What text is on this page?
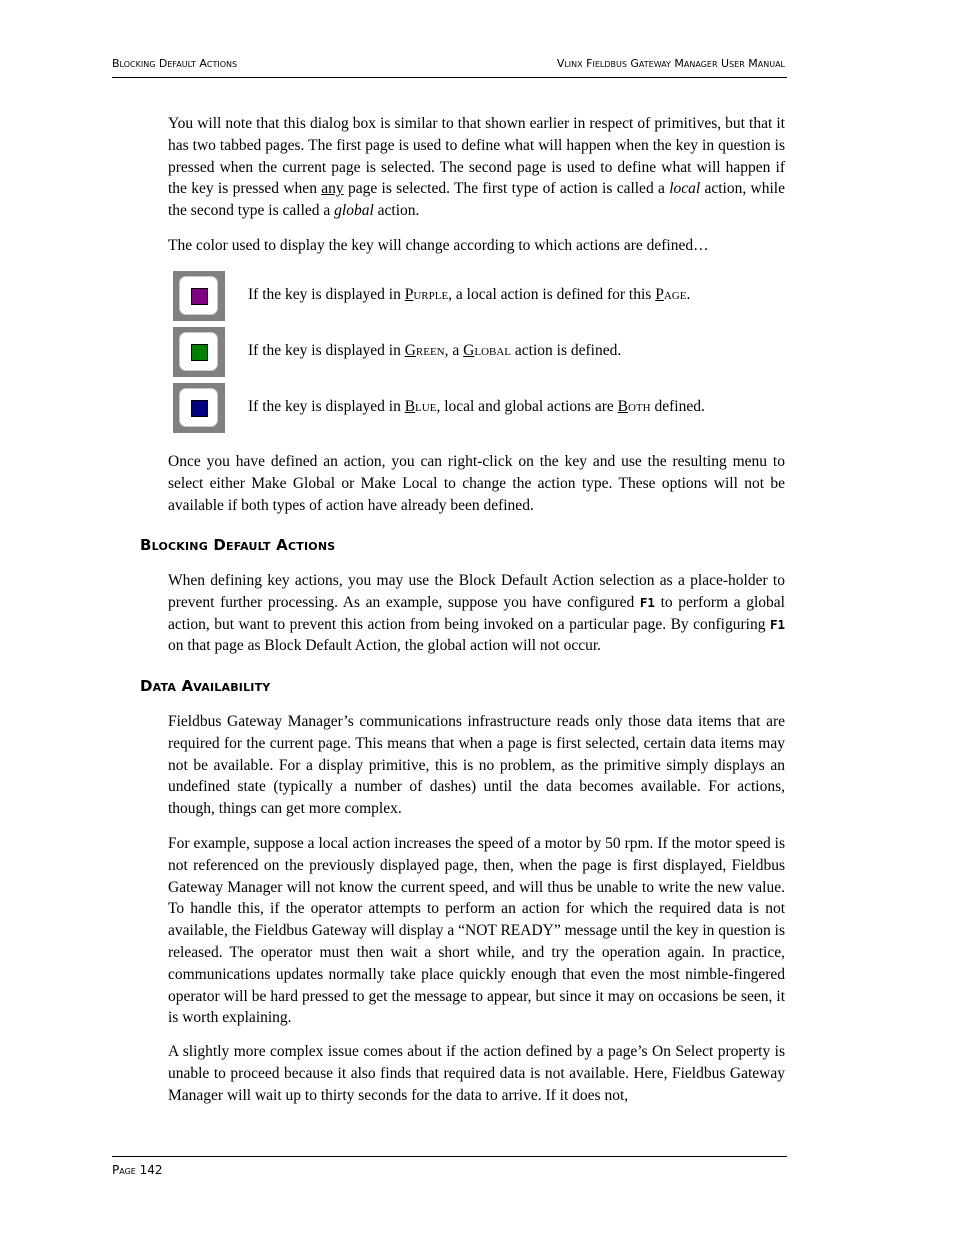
Blocking Default Actions	Vlinx Fieldbus Gateway Manager User Manual

You will note that this dialog box is similar to that shown earlier in respect of primitives, but that it has two tabbed pages. The first page is used to define what will happen when the key in question is pressed when the current page is selected. The second page is used to define what will happen if the key is pressed when any page is selected. The first type of action is called a local action, while the second type is called a global action.

The color used to display the key will change according to which actions are defined…

If the key is displayed in Purple, a local action is defined for this Page.
If the key is displayed in Green, a Global action is defined.
If the key is displayed in Blue, local and global actions are Both defined.

Once you have defined an action, you can right-click on the key and use the resulting menu to select either Make Global or Make Local to change the action type. These options will not be available if both types of action have already been defined.

Blocking Default Actions

When defining key actions, you may use the Block Default Action selection as a place-holder to prevent further processing. As an example, suppose you have configured F1 to perform a global action, but want to prevent this action from being invoked on a particular page. By configuring F1 on that page as Block Default Action, the global action will not occur.

Data Availability

Fieldbus Gateway Manager’s communications infrastructure reads only those data items that are required for the current page. This means that when a page is first selected, certain data items may not be available. For a display primitive, this is no problem, as the primitive simply displays an undefined state (typically a number of dashes) until the data becomes available. For actions, though, things can get more complex.

For example, suppose a local action increases the speed of a motor by 50 rpm. If the motor speed is not referenced on the previously displayed page, then, when the page is first displayed, Fieldbus Gateway Manager will not know the current speed, and will thus be unable to write the new value. To handle this, if the operator attempts to perform an action for which the required data is not available, the Fieldbus Gateway will display a “NOT READY” message until the key in question is released. The operator must then wait a short while, and try the operation again. In practice, communications updates normally take place quickly enough that even the most nimble-fingered operator will be hard pressed to get the message to appear, but since it may on occasions be seen, it is worth explaining.

A slightly more complex issue comes about if the action defined by a page’s On Select property is unable to proceed because it also finds that required data is not available. Here, Fieldbus Gateway Manager will wait up to thirty seconds for the data to arrive. If it does not,

Page 142
